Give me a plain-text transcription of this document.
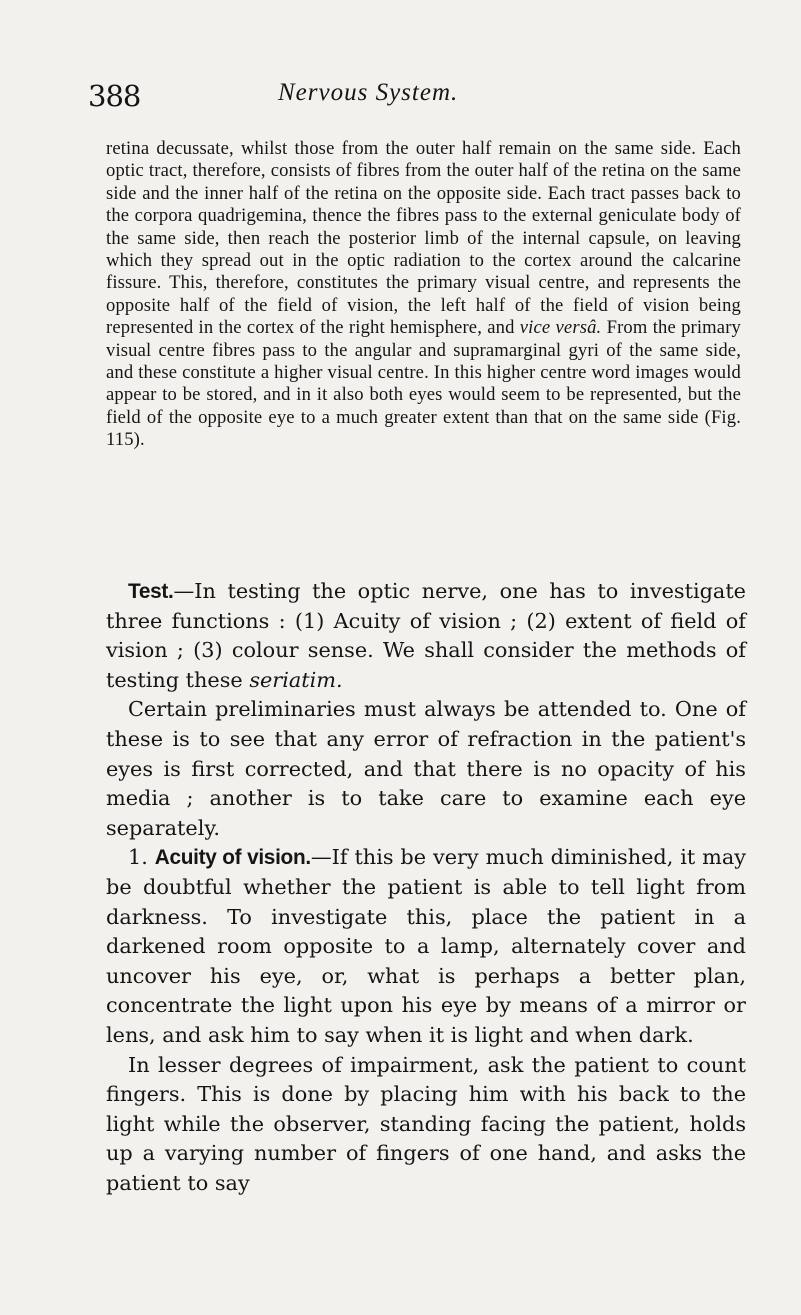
388	Nervous System.

retina decussate, whilst those from the outer half remain on the same side. Each optic tract, therefore, consists of fibres from the outer half of the retina on the same side and the inner half of the retina on the opposite side. Each tract passes back to the corpora quadrigemina, thence the fibres pass to the external geniculate body of the same side, then reach the posterior limb of the internal capsule, on leaving which they spread out in the optic radiation to the cortex around the calcarine fissure. This, therefore, constitutes the primary visual centre, and represents the opposite half of the field of vision, the left half of the field of vision being represented in the cortex of the right hemisphere, and vice versâ. From the primary visual centre fibres pass to the angular and supramarginal gyri of the same side, and these constitute a higher visual centre. In this higher centre word images would appear to be stored, and in it also both eyes would seem to be represented, but the field of the opposite eye to a much greater extent than that on the same side (Fig. 115).

Test.—In testing the optic nerve, one has to investigate three functions : (1) Acuity of vision ; (2) extent of field of vision ; (3) colour sense. We shall consider the methods of testing these seriatim.

Certain preliminaries must always be attended to. One of these is to see that any error of refraction in the patient's eyes is first corrected, and that there is no opacity of his media ; another is to take care to examine each eye separately.

1. Acuity of vision.—If this be very much diminished, it may be doubtful whether the patient is able to tell light from darkness. To investigate this, place the patient in a darkened room opposite to a lamp, alternately cover and uncover his eye, or, what is perhaps a better plan, concentrate the light upon his eye by means of a mirror or lens, and ask him to say when it is light and when dark.

In lesser degrees of impairment, ask the patient to count fingers. This is done by placing him with his back to the light while the observer, standing facing the patient, holds up a varying number of fingers of one hand, and asks the patient to say
